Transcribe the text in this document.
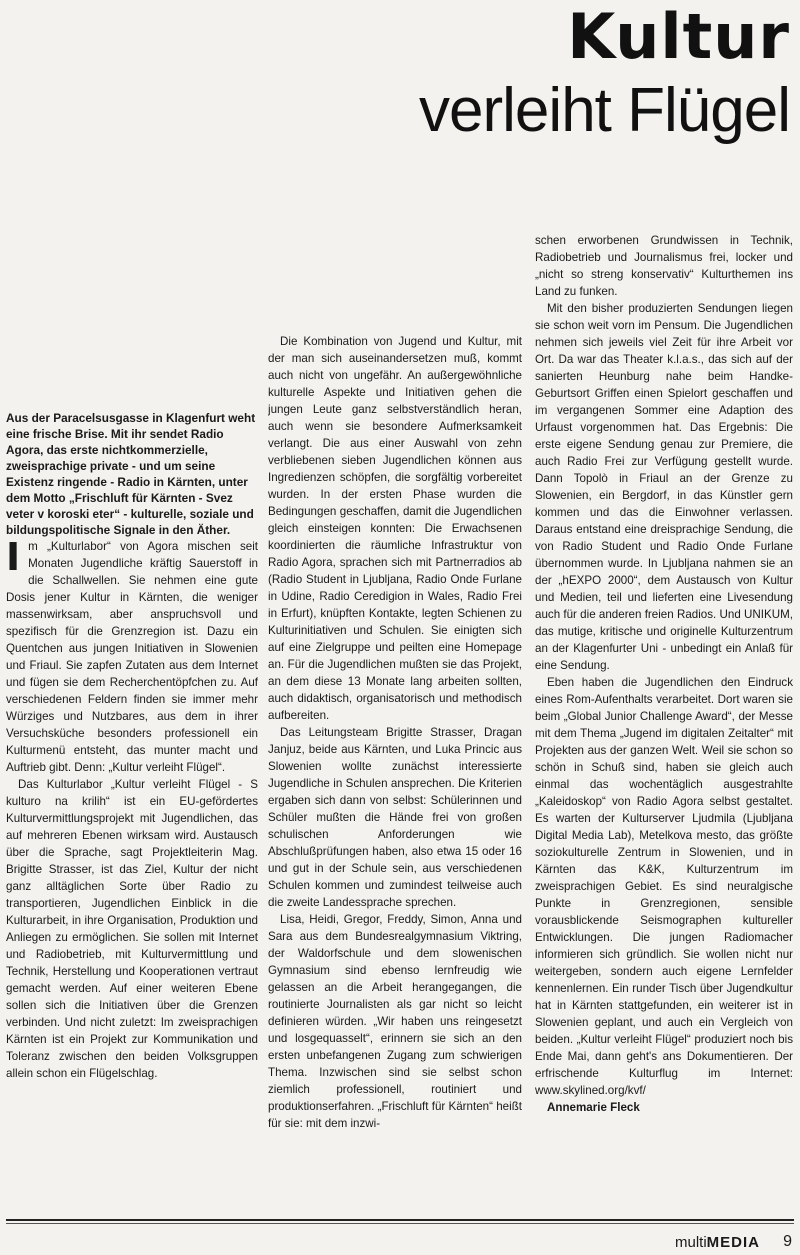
Kultur
verleiht Flügel

Aus der Paracelsusgasse in Klagenfurt weht eine frische Brise. Mit ihr sendet Radio Agora, das erste nichtkommerzielle, zweisprachige private - und um seine Existenz ringende - Radio in Kärnten, unter dem Motto „Frischluft für Kärnten - Svez veter v koroski eter“ - kulturelle, soziale und bildungspolitische Signale in den Äther.

Im „Kulturlabor“ von Agora mischen seit Monaten Jugendliche kräftig Sauerstoff in die Schallwellen. Sie nehmen eine gute Dosis jener Kultur in Kärnten, die weniger massenwirksam, aber anspruchsvoll und spezifisch für die Grenzregion ist. Dazu ein Quentchen aus jungen Initiativen in Slowenien und Friaul. Sie zapfen Zutaten aus dem Internet und fügen sie dem Recherchentöpfchen zu. Auf verschiedenen Feldern finden sie immer mehr Würziges und Nutzbares, aus dem in ihrer Versuchsküche besonders professionell ein Kulturmenü entsteht, das munter macht und Auftrieb gibt. Denn: „Kultur verleiht Flügel“.

Das Kulturlabor „Kultur verleiht Flügel - S kulturo na krilih“ ist ein EU-gefördertes Kulturvermittlungsprojekt mit Jugendlichen, das auf mehreren Ebenen wirksam wird. Austausch über die Sprache, sagt Projektleiterin Mag. Brigitte Strasser, ist das Ziel, Kultur der nicht ganz alltäglichen Sorte über Radio zu transportieren, Jugendlichen Einblick in die Kulturarbeit, in ihre Organisation, Produktion und Anliegen zu ermöglichen. Sie sollen mit Internet und Radiobetrieb, mit Kulturvermittlung und Technik, Herstellung und Kooperationen vertraut gemacht werden. Auf einer weiteren Ebene sollen sich die Initiativen über die Grenzen verbinden. Und nicht zuletzt: Im zweisprachigen Kärnten ist ein Projekt zur Kommunikation und Toleranz zwischen den beiden Volksgruppen allein schon ein Flügelschlag.

Die Kombination von Jugend und Kultur, mit der man sich auseinandersetzen muß, kommt auch nicht von ungefähr. An außergewöhnliche kulturelle Aspekte und Initiativen gehen die jungen Leute ganz selbstverständlich heran, auch wenn sie besondere Aufmerksamkeit verlangt. Die aus einer Auswahl von zehn verbliebenen sieben Jugendlichen können aus Ingredienzen schöpfen, die sorgfältig vorbereitet wurden. In der ersten Phase wurden die Bedingungen geschaffen, damit die Jugendlichen gleich einsteigen konnten: Die Erwachsenen koordinierten die räumliche Infrastruktur von Radio Agora, sprachen sich mit Partnerradios ab (Radio Student in Ljubljana, Radio Onde Furlane in Udine, Radio Ceredigion in Wales, Radio Frei in Erfurt), knüpften Kontakte, legten Schienen zu Kulturinitiativen und Schulen. Sie einigten sich auf eine Zielgruppe und peilten eine Homepage an. Für die Jugendlichen mußten sie das Projekt, an dem diese 13 Monate lang arbeiten sollten, auch didaktisch, organisatorisch und methodisch aufbereiten.

Das Leitungsteam Brigitte Strasser, Dragan Janjuz, beide aus Kärnten, und Luka Princic aus Slowenien wollte zunächst interessierte Jugendliche in Schulen ansprechen. Die Kriterien ergaben sich dann von selbst: Schülerinnen und Schüler mußten die Hände frei von großen schulischen Anforderungen wie Abschlußprüfungen haben, also etwa 15 oder 16 und gut in der Schule sein, aus verschiedenen Schulen kommen und zumindest teilweise auch die zweite Landessprache sprechen.

Lisa, Heidi, Gregor, Freddy, Simon, Anna und Sara aus dem Bundesrealgymnasium Viktring, der Waldorfschule und dem slowenischen Gymnasium sind ebenso lernfreudig wie gelassen an die Arbeit herangegangen, die routinierte Journalisten als gar nicht so leicht definieren würden. „Wir haben uns reingesetzt und losgequasselt“, erinnern sie sich an den ersten unbefangenen Zugang zum schwierigen Thema. Inzwischen sind sie selbst schon ziemlich professionell, routiniert und produktionserfahren. „Frischluft für Kärnten“ heißt für sie: mit dem inzwi-

schen erworbenen Grundwissen in Technik, Radiobetrieb und Journalismus frei, locker und „nicht so streng konservativ“ Kulturthemen ins Land zu funken.

Mit den bisher produzierten Sendungen liegen sie schon weit vorn im Pensum. Die Jugendlichen nehmen sich jeweils viel Zeit für ihre Arbeit vor Ort. Da war das Theater k.l.a.s., das sich auf der sanierten Heunburg nahe beim Handke-Geburtsort Griffen einen Spielort geschaffen und im vergangenen Sommer eine Adaption des Urfaust vorgenommen hat. Das Ergebnis: Die erste eigene Sendung genau zur Premiere, die auch Radio Frei zur Verfügung gestellt wurde. Dann Topolò in Friaul an der Grenze zu Slowenien, ein Bergdorf, in das Künstler gern kommen und das die Einwohner verlassen. Daraus entstand eine dreisprachige Sendung, die von Radio Student und Radio Onde Furlane übernommen wurde. In Ljubljana nahmen sie an der „hEXPO 2000“, dem Austausch von Kultur und Medien, teil und lieferten eine Livesendung auch für die anderen freien Radios. Und UNIKUM, das mutige, kritische und originelle Kulturzentrum an der Klagenfurter Uni - unbedingt ein Anlaß für eine Sendung.

Eben haben die Jugendlichen den Eindruck eines Rom-Aufenthalts verarbeitet. Dort waren sie beim „Global Junior Challenge Award“, der Messe mit dem Thema „Jugend im digitalen Zeitalter“ mit Projekten aus der ganzen Welt. Weil sie schon so schön in Schuß sind, haben sie gleich auch einmal das wochentäglich ausgestrahlte „Kaleidoskop“ von Radio Agora selbst gestaltet. Es warten der Kulturserver Ljudmila (Ljubljana Digital Media Lab), Metelkova mesto, das größte soziokulturelle Zentrum in Slowenien, und in Kärnten das K&K, Kulturzentrum im zweisprachigen Gebiet. Es sind neuralgische Punkte in Grenzregionen, sensible vorausblickende Seismographen kultureller Entwicklungen. Die jungen Radiomacher informieren sich gründlich. Sie wollen nicht nur weitergeben, sondern auch eigene Lernfelder kennenlernen. Ein runder Tisch über Jugendkultur hat in Kärnten stattgefunden, ein weiterer ist in Slowenien geplant, und auch ein Vergleich von beiden. „Kultur verleiht Flügel“ produziert noch bis Ende Mai, dann geht's ans Dokumentieren. Der erfrischende Kulturflug im Internet: www.skylined.org/kvf/

Annemarie Fleck

multiMEDIA 9
